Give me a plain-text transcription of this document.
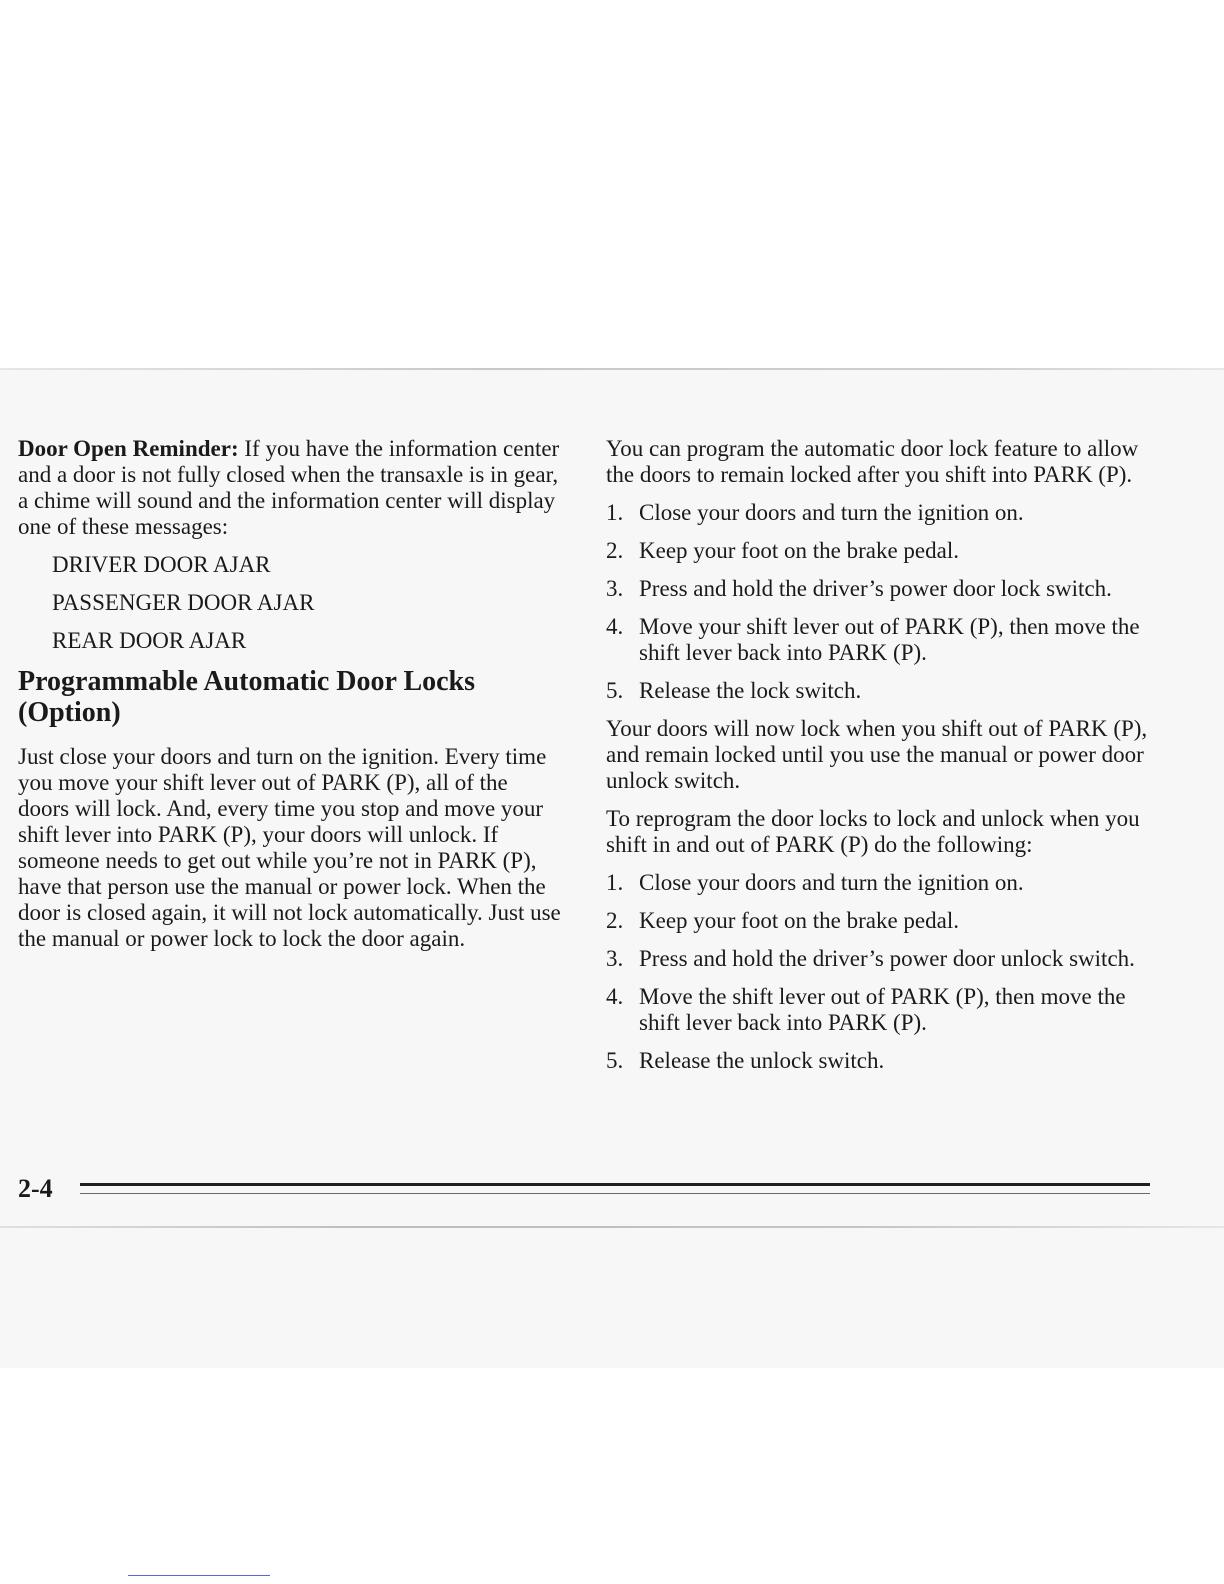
Door Open Reminder: If you have the information center and a door is not fully closed when the transaxle is in gear, a chime will sound and the information center will display one of these messages:

DRIVER DOOR AJAR

PASSENGER DOOR AJAR

REAR DOOR AJAR

Programmable Automatic Door Locks (Option)

Just close your doors and turn on the ignition. Every time you move your shift lever out of PARK (P), all of the doors will lock. And, every time you stop and move your shift lever into PARK (P), your doors will unlock. If someone needs to get out while you’re not in PARK (P), have that person use the manual or power lock. When the door is closed again, it will not lock automatically. Just use the manual or power lock to lock the door again.

You can program the automatic door lock feature to allow the doors to remain locked after you shift into PARK (P).

1. Close your doors and turn the ignition on.
2. Keep your foot on the brake pedal.
3. Press and hold the driver’s power door lock switch.
4. Move your shift lever out of PARK (P), then move the shift lever back into PARK (P).
5. Release the lock switch.

Your doors will now lock when you shift out of PARK (P), and remain locked until you use the manual or power door unlock switch.

To reprogram the door locks to lock and unlock when you shift in and out of PARK (P) do the following:

1. Close your doors and turn the ignition on.
2. Keep your foot on the brake pedal.
3. Press and hold the driver’s power door unlock switch.
4. Move the shift lever out of PARK (P), then move the shift lever back into PARK (P).
5. Release the unlock switch.
2-4
